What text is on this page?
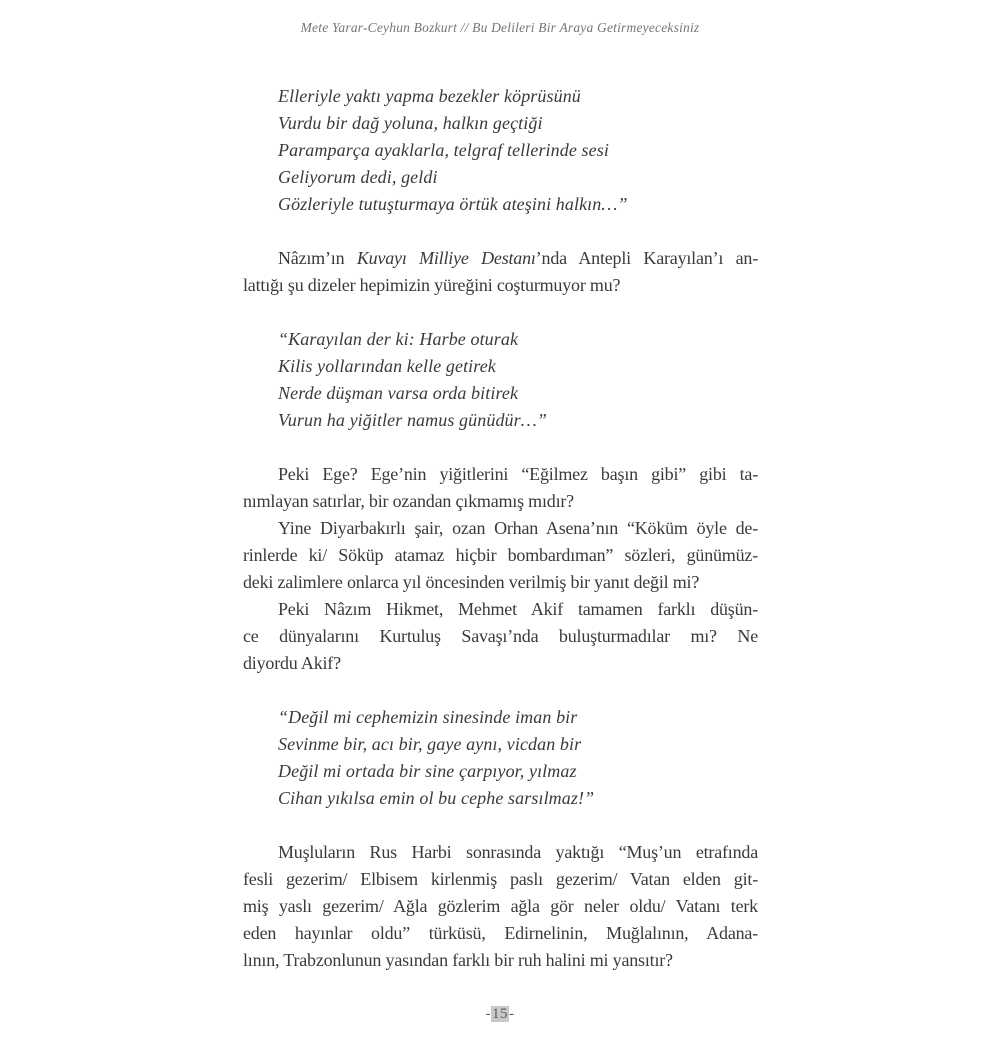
Mete Yarar-Ceyhun Bozkurt // Bu Delileri Bir Araya Getirmeyeceksiniz
Elleriyle yaktı yapma bezekler köprüsünü
Vurdu bir dağ yoluna, halkın geçtiği
Paramparça ayaklarla, telgraf tellerinde sesi
Geliyorum dedi, geldi
Gözleriyle tutuşturmaya örtük ateşini halkın…”
Nâzım’ın Kuvayı Milliye Destanı’nda Antepli Karayılan’ı an-
lattığı şu dizeler hepimizin yüreğini coşturmuyor mu?
“Karayılan der ki: Harbe oturak
Kilis yollarından kelle getirek
Nerde düşman varsa orda bitirek
Vurun ha yiğitler namus günüdür…”
Peki Ege? Ege’nin yiğitlerini “Eğilmez başın gibi” gibi ta-
nımlayan satırlar, bir ozandan çıkmamış mıdır?
Yine Diyarbakırlı şair, ozan Orhan Asena’nın “Köküm öyle de-
rinlerde ki/ Söküp atamaz hiçbir bombardıman” sözleri, günümüz-
deki zalimlere onlarca yıl öncesinden verilmiş bir yanıt değil mi?
Peki Nâzım Hikmet, Mehmet Akif tamamen farklı düşün-
ce dünyalarını Kurtuluş Savaşı’nda buluşturmadılar mı? Ne
diyordu Akif?
“Değil mi cephemizin sinesinde iman bir
Sevinme bir, acı bir, gaye aynı, vicdan bir
Değil mi ortada bir sine çarpıyor, yılmaz
Cihan yıkılsa emin ol bu cephe sarsılmaz!”
Muşluların Rus Harbi sonrasında yaktığı “Muş’un etrafında
fesli gezerim/ Elbisem kirlenmiş paslı gezerim/ Vatan elden git-
miş yaslı gezerim/ Ağla gözlerim ağla gör neler oldu/ Vatanı terk
eden hayınlar oldu” türküsü, Edirnelinin, Muğlalının, Adana-
lının, Trabzonlunun yasından farklı bir ruh halini mi yansıtır?
-15-
